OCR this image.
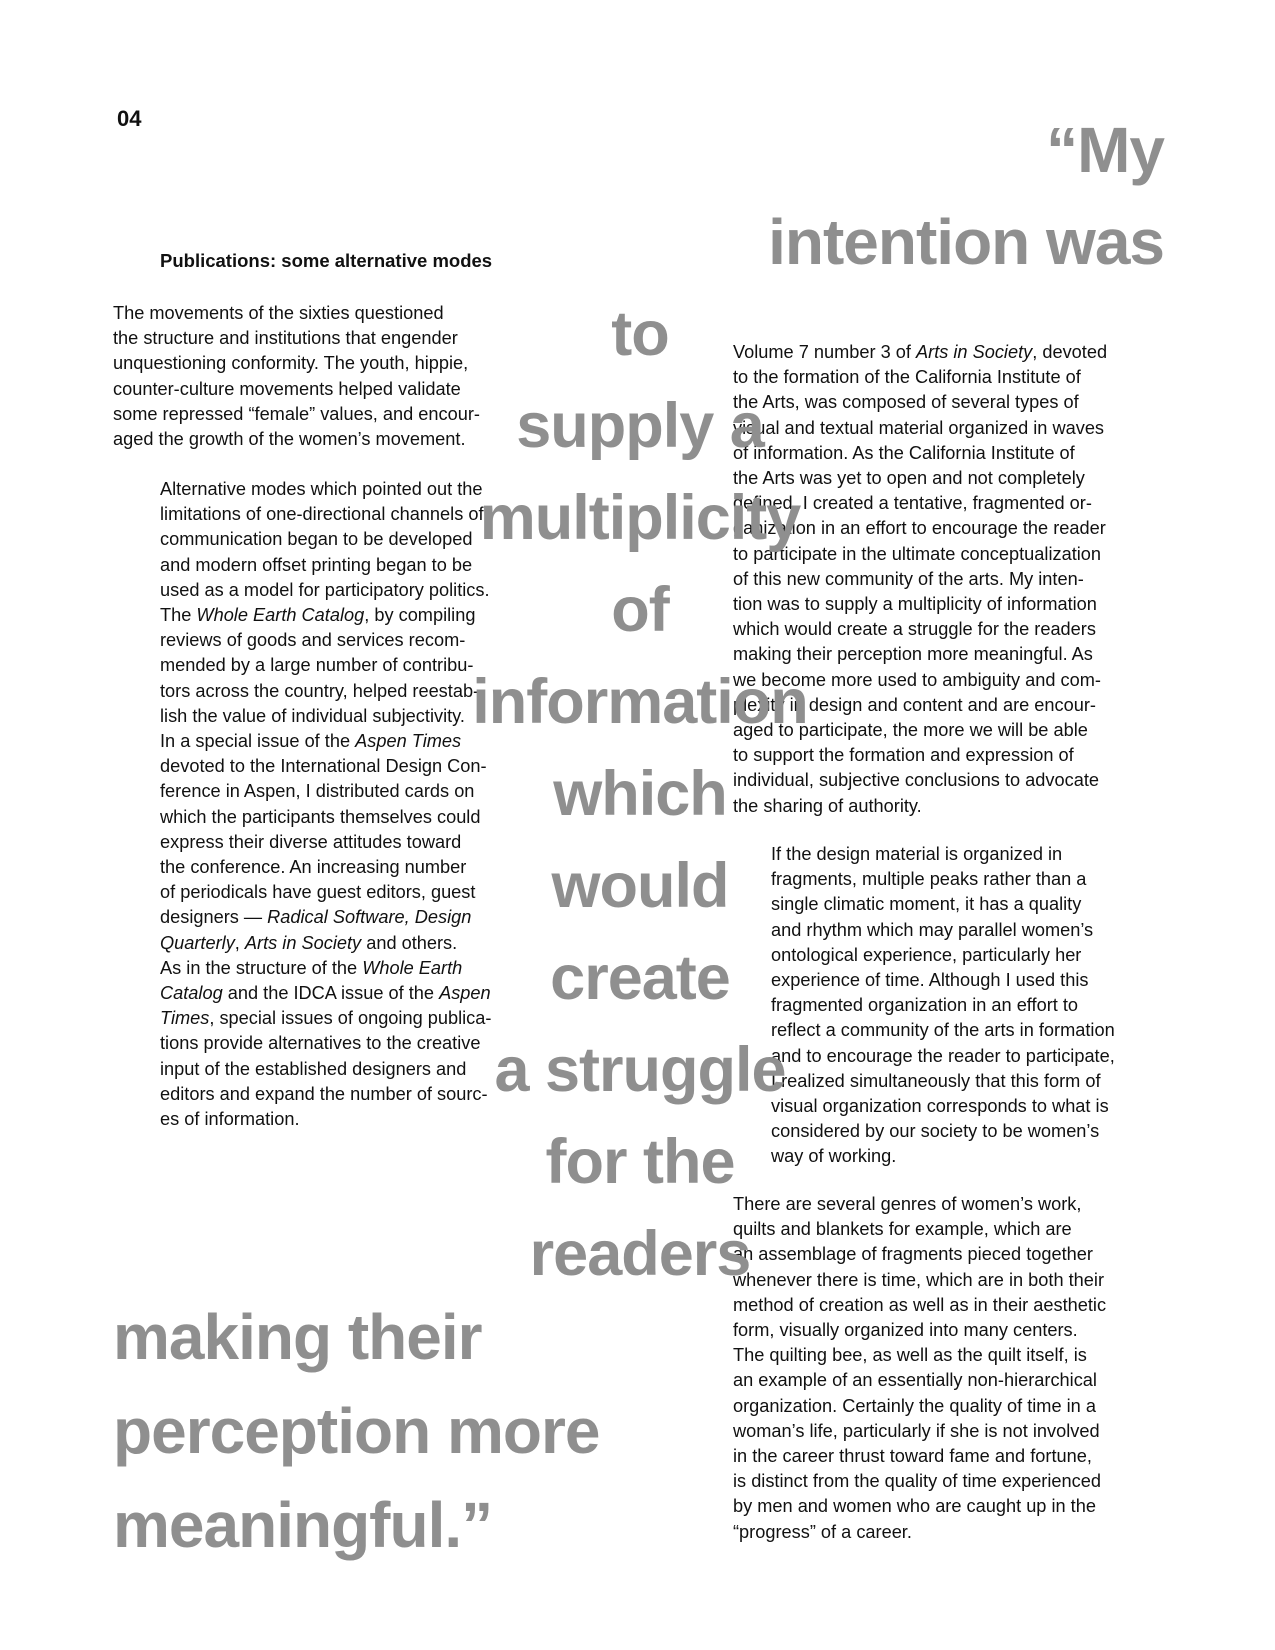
04
Publications: some alternative modes
The movements of the sixties questioned
the structure and institutions that engender
unquestioning conformity. The youth, hippie,
counter-culture movements helped validate
some repressed “female” values, and encour-
aged the growth of the women’s movement.
Alternative modes which pointed out the
limitations of one-directional channels of
communication began to be developed
and modern offset printing began to be
used as a model for participatory politics.
The Whole Earth Catalog, by compiling
reviews of goods and services recom-
mended by a large number of contribu-
tors across the country, helped reestab-
lish the value of individual subjectivity.
In a special issue of the Aspen Times
devoted to the International Design Con-
ference in Aspen, I distributed cards on
which the participants themselves could
express their diverse attitudes toward
the conference. An increasing number
of periodicals have guest editors, guest
designers — Radical Software, Design
Quarterly, Arts in Society and others.
As in the structure of the Whole Earth
Catalog and the IDCA issue of the Aspen
Times, special issues of ongoing publica-
tions provide alternatives to the creative
input of the established designers and
editors and expand the number of sourc-
es of information.
Volume 7 number 3 of Arts in Society, devoted
to the formation of the California Institute of
the Arts, was composed of several types of
visual and textual material organized in waves
of information. As the California Institute of
the Arts was yet to open and not completely
defined, I created a tentative, fragmented or-
ganization in an effort to encourage the reader
to participate in the ultimate conceptualization
of this new community of the arts. My inten-
tion was to supply a multiplicity of information
which would create a struggle for the readers
making their perception more meaningful. As
we become more used to ambiguity and com-
plexity in design and content and are encour-
aged to participate, the more we will be able
to support the formation and expression of
individual, subjective conclusions to advocate
the sharing of authority.
If the design material is organized in
fragments, multiple peaks rather than a
single climatic moment, it has a quality
and rhythm which may parallel women’s
ontological experience, particularly her
experience of time. Although I used this
fragmented organization in an effort to
reflect a community of the arts in formation
and to encourage the reader to participate,
I realized simultaneously that this form of
visual organization corresponds to what is
considered by our society to be women’s
way of working.
There are several genres of women’s work,
quilts and blankets for example, which are
an assemblage of fragments pieced together
whenever there is time, which are in both their
method of creation as well as in their aesthetic
form, visually organized into many centers.
The quilting bee, as well as the quilt itself, is
an example of an essentially non-hierarchical
organization. Certainly the quality of time in a
woman’s life, particularly if she is not involved
in the career thrust toward fame and fortune,
is distinct from the quality of time experienced
by men and women who are caught up in the
“progress” of a career.
“My
intention was
to
supply a
multiplicity
of
information
which
would
create
a struggle
for the
readers
making their
perception more
meaningful.”
